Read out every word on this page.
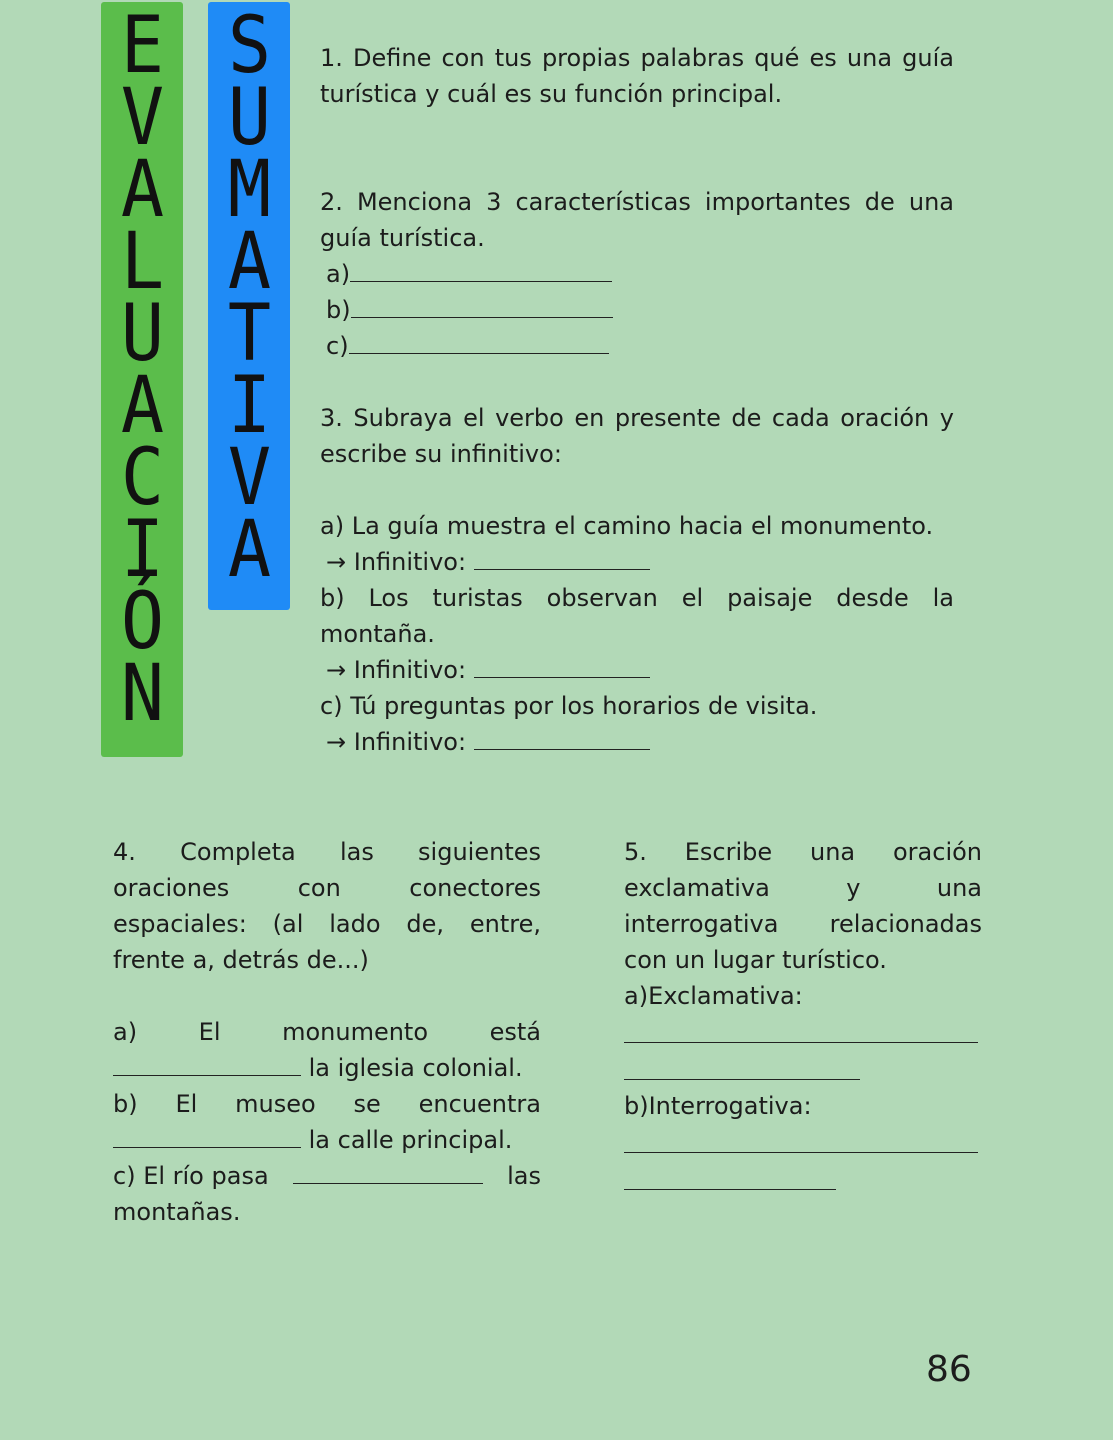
E
V
A
L
U
A
C
I
Ó
N
S
U
M
A
T
I
V
A

1. Define con tus propias palabras qué es una guía turística y cuál es su función principal.

2. Menciona 3 características importantes de una guía turística.

a)

b)

c)

3. Subraya el verbo en presente de cada oración y escribe su infinitivo:

a) La guía muestra el camino hacia el monumento.

→ Infinitivo:

b) Los turistas observan el paisaje desde la montaña.

→ Infinitivo:

c) Tú preguntas por los horarios de visita.

→ Infinitivo:

4. Completa las siguientes oraciones con conectores espaciales: (al lado de, entre, frente a, detrás de...)

a) El monumento está

la iglesia colonial.

b) El museo se encuentra

la calle principal.

c) El río pasa	las

montañas.

5. Escribe una oración exclamativa y una interrogativa relacionadas con un lugar turístico.

a)Exclamativa:

b)Interrogativa:

86
